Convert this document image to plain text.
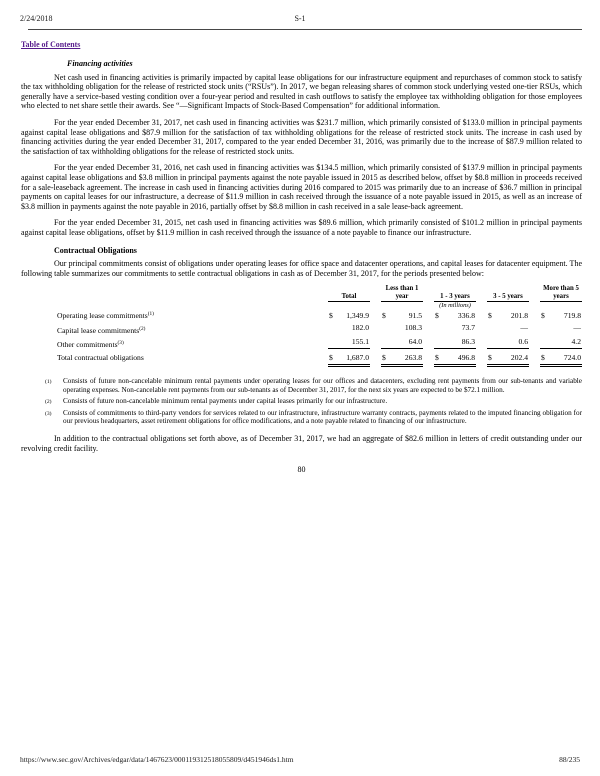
2/24/2018	S-1
Table of Contents
Financing activities

Net cash used in financing activities is primarily impacted by capital lease obligations for our infrastructure equipment and repurchases of common stock to satisfy the tax withholding obligation for the release of restricted stock units (“RSUs”). In 2017, we began releasing shares of common stock underlying vested one-tier RSUs, which generally have a service-based vesting condition over a four-year period and resulted in cash outflows to satisfy the employee tax withholding obligation for those employees who elected to net share settle their awards. See “—Significant Impacts of Stock-Based Compensation” for additional information.

For the year ended December 31, 2017, net cash used in financing activities was $231.7 million, which primarily consisted of $133.0 million in principal payments against capital lease obligations and $87.9 million for the satisfaction of tax withholding obligations for the release of restricted stock units. The increase in cash used by financing activities during the year ended December 31, 2017, compared to the year ended December 31, 2016, was primarily due to the increase of $87.9 million related to the satisfaction of tax withholding obligations for the release of restricted stock units.

For the year ended December 31, 2016, net cash used in financing activities was $134.5 million, which primarily consisted of $137.9 million in principal payments against capital lease obligations and $3.8 million in principal payments against the note payable issued in 2015 as described below, offset by $8.8 million in proceeds received for a sale-leaseback agreement. The increase in cash used in financing activities during 2016 compared to 2015 was primarily due to an increase of $36.7 million in principal payments on capital leases for our infrastructure, a decrease of $11.9 million in cash received through the issuance of a note payable issued in 2015, as well as an increase of $3.8 million in payments against the note payable in 2016, partially offset by $8.8 million in cash received in a sale lease-back agreement.

For the year ended December 31, 2015, net cash used in financing activities was $89.6 million, which primarily consisted of $101.2 million in principal payments against capital lease obligations, offset by $11.9 million in cash received through the issuance of a note payable to finance our infrastructure.

Contractual Obligations

Our principal commitments consist of obligations under operating leases for office space and datacenter operations, and capital leases for datacenter equipment. The following table summarizes our commitments to settle contractual obligations in cash as of December 31, 2017, for the periods presented below:

Total
Less than 1 year	1 - 3 years	3 - 5 years
More than 5 years
(In millions)
Operating lease commitments$^{(1)}$	$ 1,349.9 $	91.5 $	336.8 $	201.8 $	719.8
Capital lease commitments$^{(2)}$	182.0	108.3	73.7	—	—
Other commitments$^{(3)}$	155.1	64.0	86.3	0.6	4.2
Total contractual obligations	$ 1,687.0 $	263.8 $	496.8 $	202.4 $	724.0
(1)	Consists of future non-cancelable minimum rental payments under operating leases for our offices and datacenters, excluding rent payments from our sub-tenants and variable operating expenses. Non-cancelable rent payments from our sub-tenants as of December 31, 2017, for the next six years are expected to be $72.1 million.
(2)	Consists of future non-cancelable minimum rental payments under capital leases primarily for our infrastructure.
(3)	Consists of commitments to third-party vendors for services related to our infrastructure, infrastructure warranty contracts, payments related to the imputed financing obligation for our previous headquarters, asset retirement obligations for office modifications, and a note payable related to financing of our infrastructure.

In addition to the contractual obligations set forth above, as of December 31, 2017, we had an aggregate of $82.6 million in letters of credit outstanding under our revolving credit facility.

80
https://www.sec.gov/Archives/edgar/data/1467623/000119312518055809/d451946ds1.htm	88/235
